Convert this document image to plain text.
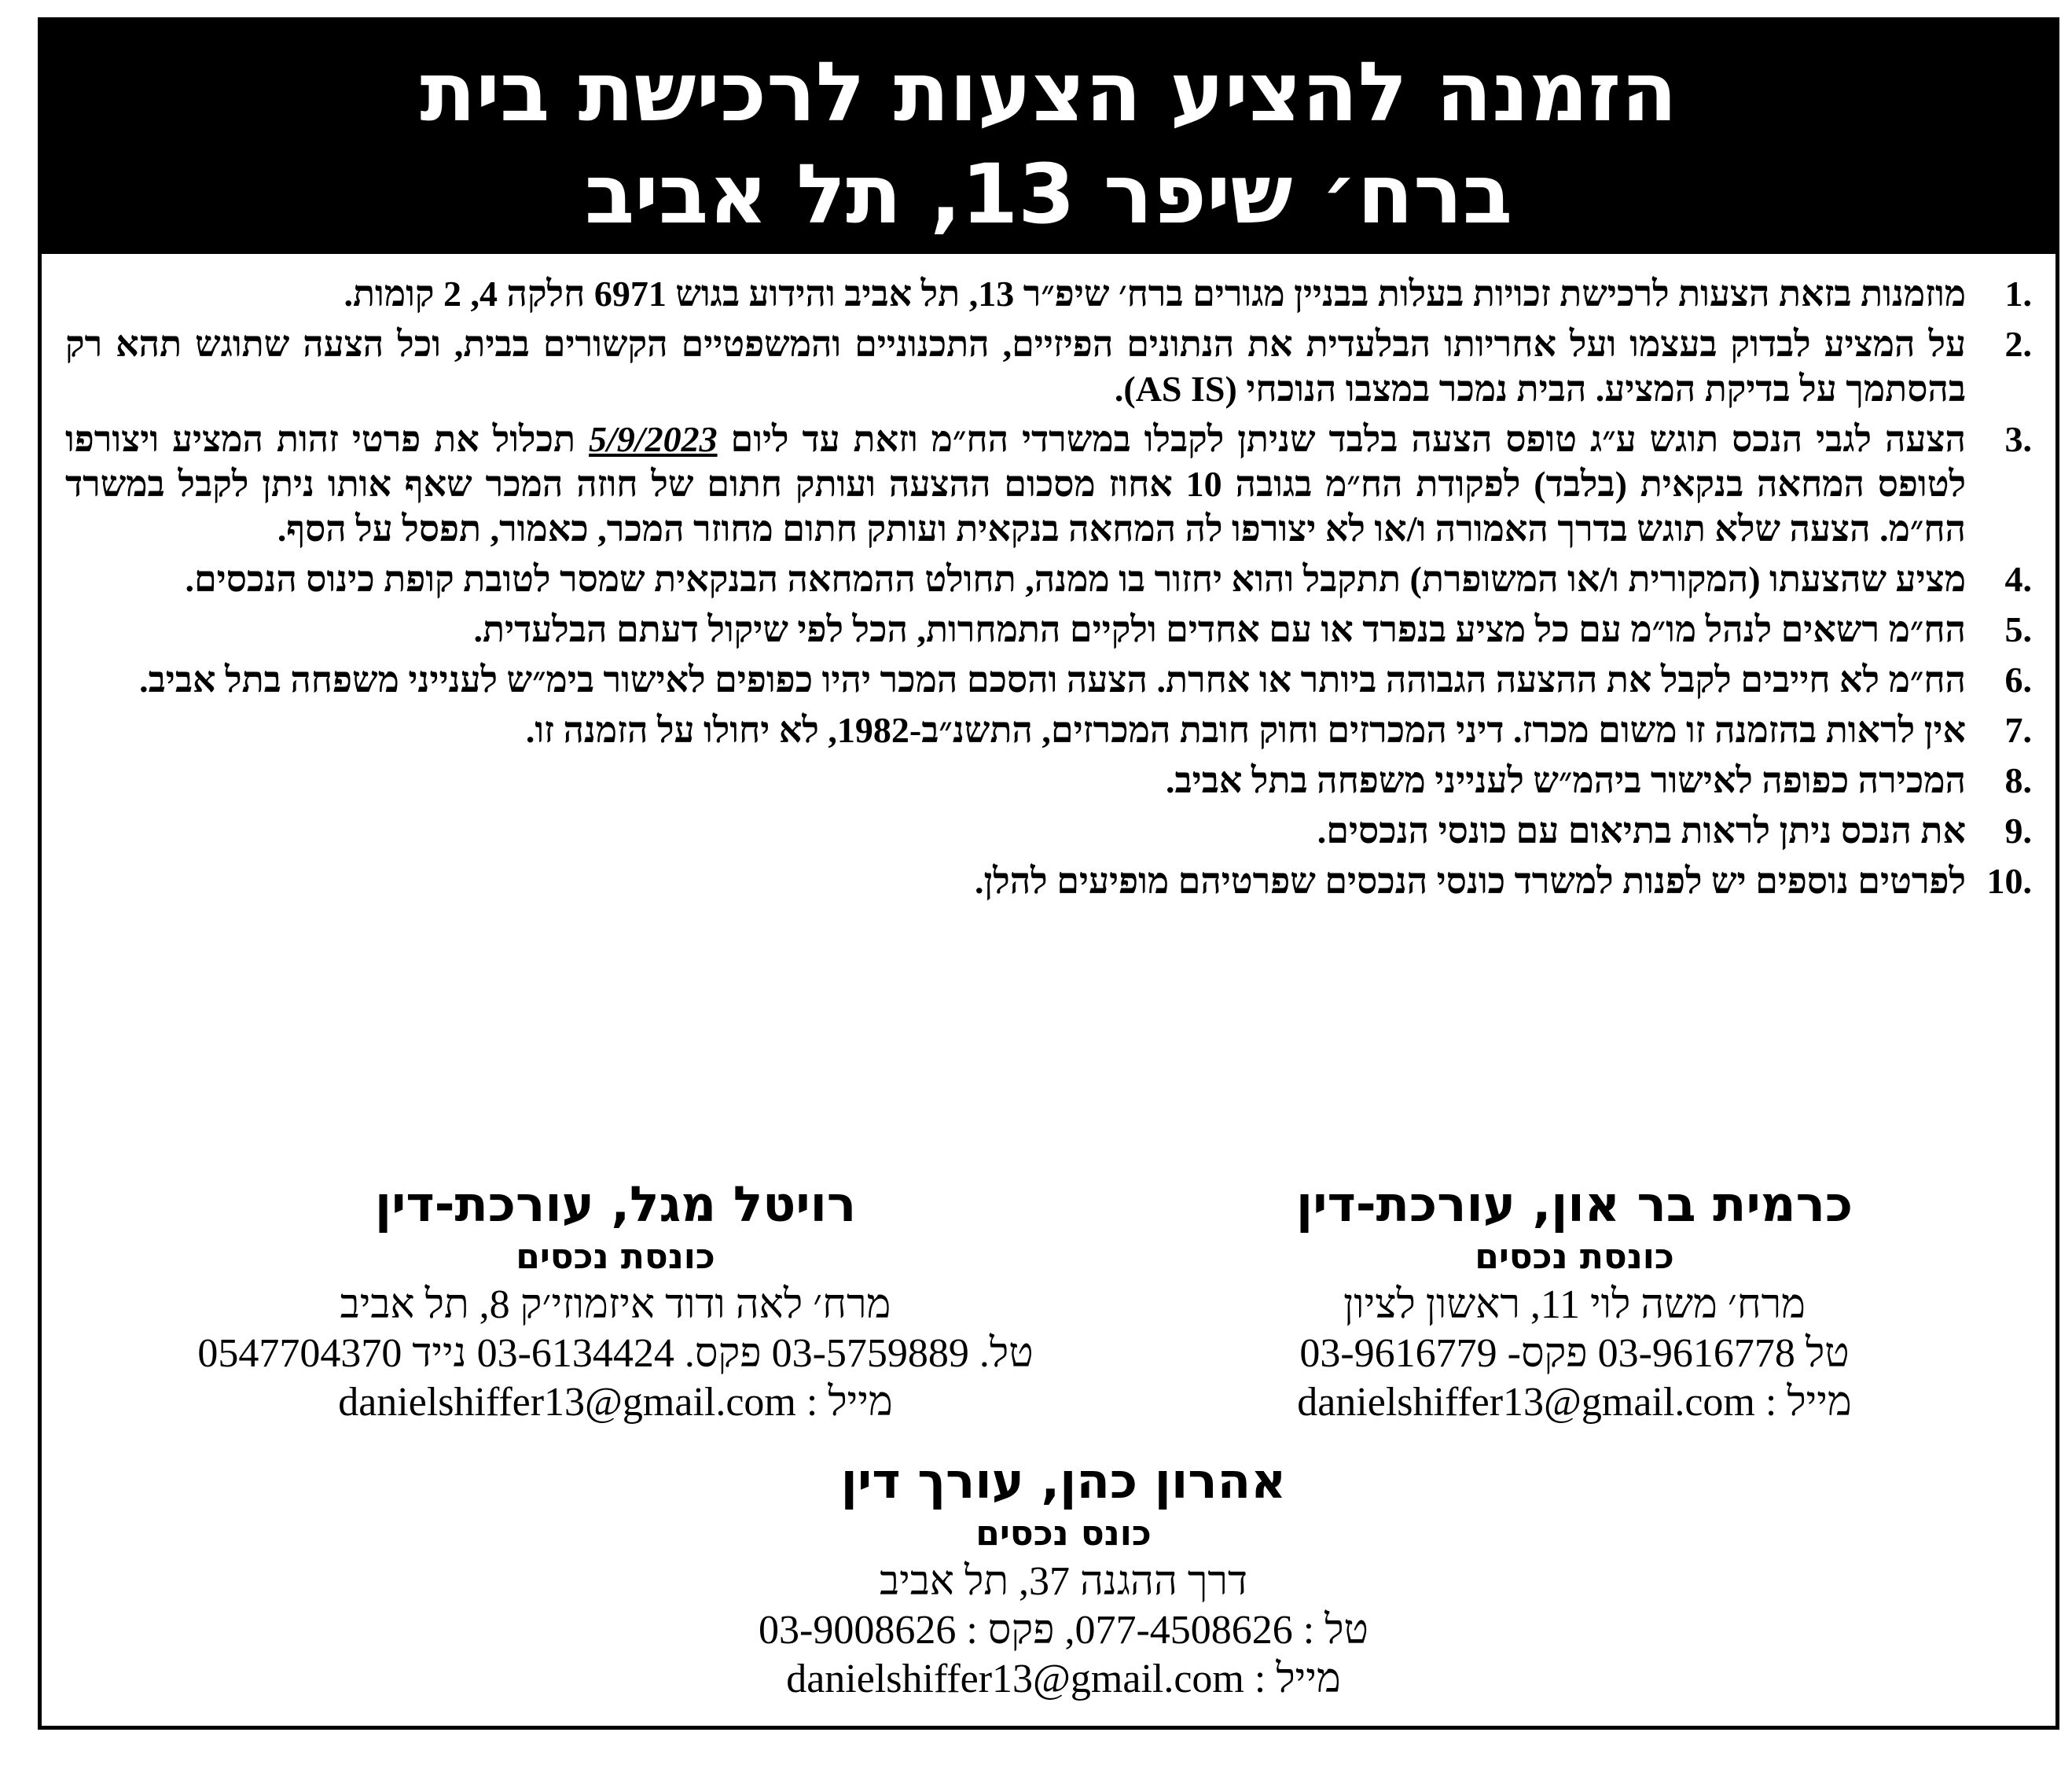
הזמנה להציע הצעות לרכישת בית
ברח׳ שיפר 13, תל אביב
.1
מוזמנות בזאת הצעות לרכישת זכויות בעלות בבניין מגורים ברח׳ שיפ״ר 13, תל אביב והידוע בגוש 6971 חלקה 4, 2 קומות.
.2
על המציע לבדוק בעצמו ועל אחריותו הבלעדית את הנתונים הפיזיים, התכנוניים והמשפטיים הקשורים בבית, וכל הצעה שתוגש תהא רק בהסתמך על בדיקת המציע. הבית נמכר במצבו הנוכחי (AS IS).
.3
הצעה לגבי הנכס תוגש ע״ג טופס הצעה בלבד שניתן לקבלו במשרדי הח״מ וזאת עד ליום 5/9/2023 תכלול את פרטי זהות המציע ויצורפו לטופס המחאה בנקאית (בלבד) לפקודת הח״מ בגובה 10 אחוז מסכום ההצעה ועותק חתום של חוזה המכר שאף אותו ניתן לקבל במשרד הח״מ. הצעה שלא תוגש בדרך האמורה ו/או לא יצורפו לה המחאה בנקאית ועותק חתום מחוזר המכר, כאמור, תפסל על הסף.
.4
מציע שהצעתו (המקורית ו/או המשופרת) תתקבל והוא יחזור בו ממנה, תחולט ההמחאה הבנקאית שמסר לטובת קופת כינוס הנכסים.
.5
הח״מ רשאים לנהל מו״מ עם כל מציע בנפרד או עם אחדים ולקיים התמחרות, הכל לפי שיקול דעתם הבלעדית.
.6
הח״מ לא חייבים לקבל את ההצעה הגבוהה ביותר או אחרת. הצעה והסכם המכר יהיו כפופים לאישור בימ״ש לענייני משפחה בתל אביב.
.7
אין לראות בהזמנה זו משום מכרז. דיני המכרזים וחוק חובת המכרזים, התשנ״ב-1982, לא יחולו על הזמנה זו.
.8
המכירה כפופה לאישור ביהמ״ש לענייני משפחה בתל אביב.
.9
את הנכס ניתן לראות בתיאום עם כונסי הנכסים.
.10
לפרטים נוספים יש לפנות למשרד כונסי הנכסים שפרטיהם מופיעים להלן.
כרמית בר און, עורכת-דין
כונסת נכסים
מרח׳ משה לוי 11, ראשון לציון
טל 03-9616778 פקס- 03-9616779
מייל : danielshiffer13@gmail.com
רויטל מגל, עורכת-דין
כונסת נכסים
מרח׳ לאה ודוד איזמוזי׳ק 8, תל אביב
טל. 03-5759889 פקס. 03-6134424 נייד 0547704370
מייל : danielshiffer13@gmail.com
אהרון כהן, עורך דין
כונס נכסים
דרך ההגנה 37, תל אביב
טל : 077-4508626, פקס : 03-9008626
מייל : danielshiffer13@gmail.com
